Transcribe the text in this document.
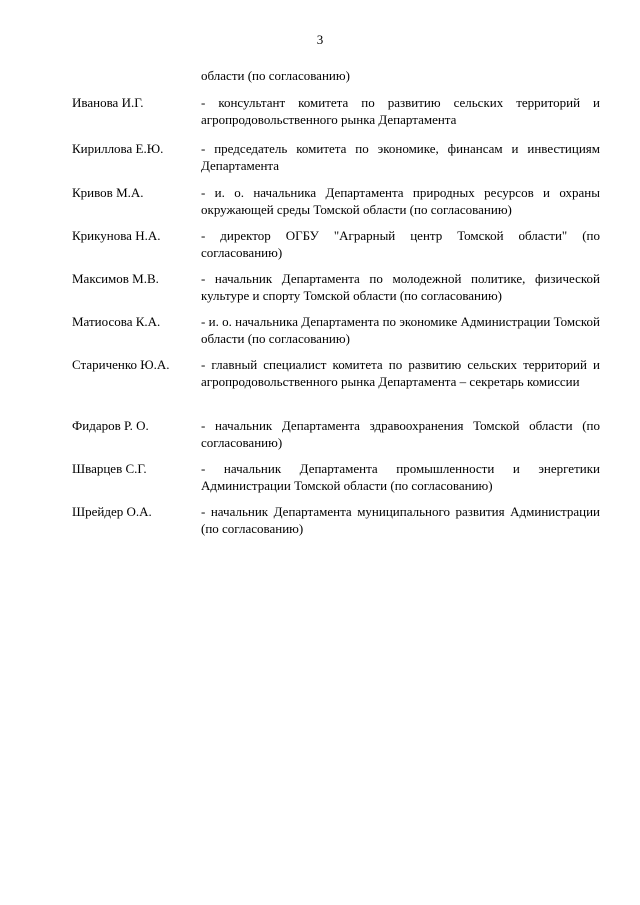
3
области (по согласованию)
Иванова И.Г.	- консультант комитета по развитию сельских территорий и агропродовольственного рынка Департамента
Кириллова Е.Ю.	- председатель комитета по экономике, финансам и инвестициям Департамента
Кривов М.А.	- и. о. начальника Департамента природных ресурсов и охраны окружающей среды Томской области (по согласованию)
Крикунова Н.А.	- директор ОГБУ "Аграрный центр Томской области" (по согласованию)
Максимов М.В.	- начальник Департамента по молодежной политике, физической культуре и спорту Томской области (по согласованию)
Матиосова К.А.	- и. о. начальника Департамента по экономике Администрации Томской области (по согласованию)
Стариченко Ю.А.	- главный специалист комитета по развитию сельских территорий и агропродовольственного рынка Департамента – секретарь комиссии
Фидаров Р. О.	- начальник Департамента здравоохранения Томской области (по согласованию)
Шварцев С.Г.	- начальник Департамента промышленности и энергетики Администрации Томской области (по согласованию)
Шрейдер О.А.	- начальник Департамента муниципального развития Администрации (по согласованию)
